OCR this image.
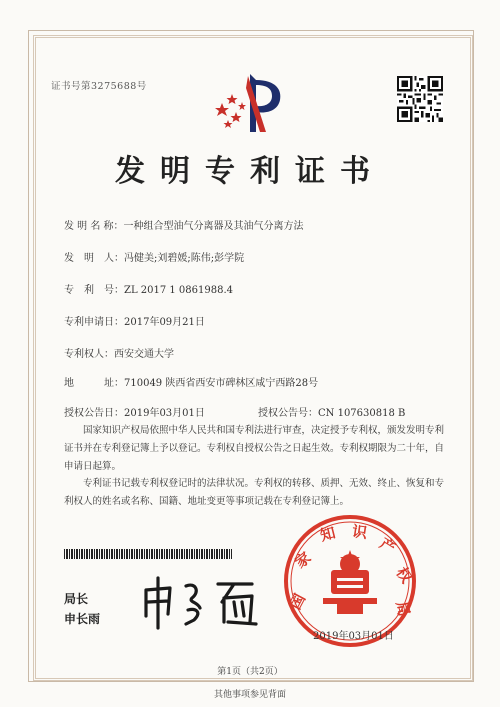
证书号第3275688号
发明专利证书
发 明 名 称：一种组合型油气分离器及其油气分离方法
发　明　人：冯健美;刘碧媛;陈伟;彭学院
专　利　号：ZL 2017 1 0861988.4
专利申请日：2017年09月21日
专利权人：西安交通大学
地　　　址：710049 陕西省西安市碑林区咸宁西路28号
授权公告日：2019年03月01日	授权公告号：CN 107630818 B
国家知识产权局依照中华人民共和国专利法进行审查，决定授予专利权，颁发发明专利证书并在专利登记簿上予以登记。专利权自授权公告之日起生效。专利权期限为二十年，自申请日起算。
专利证书记载专利权登记时的法律状况。专利权的转移、质押、无效、终止、恢复和专利权人的姓名或名称、国籍、地址变更等事项记载在专利登记簿上。
局长
申长雨
国
家
知 识
产
权
局
2019年03月01日
第1页（共2页）
其他事项参见背面
